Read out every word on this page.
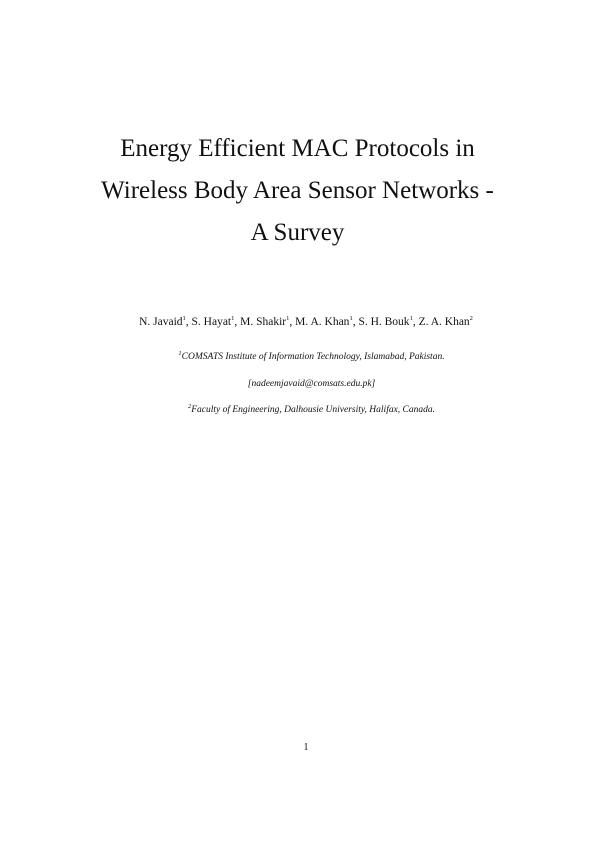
Energy Efficient MAC Protocols in
Wireless Body Area Sensor Networks -
A Survey
N. Javaid$^1$, S. Hayat$^1$, M. Shakir$^1$, M. A. Khan$^1$, S. H. Bouk$^1$, Z. A. Khan$^2$
$^1$COMSATS Institute of Information Technology, Islamabad, Pakistan.
[nadeemjavaid@comsats.edu.pk]
$^2$Faculty of Engineering, Dalhousie University, Halifax, Canada.
1
